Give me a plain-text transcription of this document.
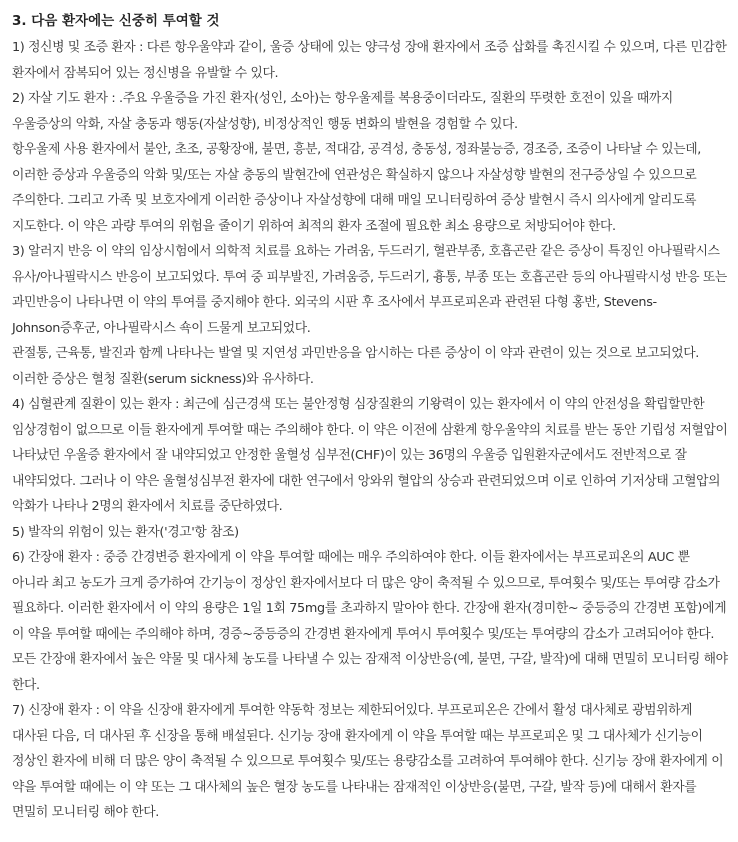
3. 다음 환자에는 신중히 투여할 것

1) 정신병 및 조증 환자 : 다른 항우울약과 같이, 울증 상태에 있는 양극성 장애 환자에서 조증 삽화를 촉진시킬 수 있으며, 다른 민감한 환자에서 잠복되어 있는 정신병을 유발할 수 있다.

2) 자살 기도 환자 : .주요 우울증을 가진 환자(성인, 소아)는 항우울제를 복용중이더라도, 질환의 뚜렷한 호전이 있을 때까지 우울증상의 악화, 자살 충동과 행동(자살성향), 비정상적인 행동 변화의 발현을 경험할 수 있다.

항우울제 사용 환자에서 불안, 초조, 공황장애, 불면, 흥분, 적대감, 공격성, 충동성, 정좌불능증, 경조증, 조증이 나타날 수 있는데, 이러한 증상과 우울증의 악화 및/또는 자살 충동의 발현간에 연관성은 확실하지 않으나 자살성향 발현의 전구증상일 수 있으므로 주의한다. 그리고 가족 및 보호자에게 이러한 증상이나 자살성향에 대해 매일 모니터링하여 증상 발현시 즉시 의사에게 알리도록 지도한다. 이 약은 과량 투여의 위험을 줄이기 위하여 최적의 환자 조절에 필요한 최소 용량으로 처방되어야 한다.

3) 알러지 반응 이 약의 임상시험에서 의학적 치료를 요하는 가려움, 두드러기, 혈관부종, 호흡곤란 같은 증상이 특징인 아나필락시스 유사/아나필락시스 반응이 보고되었다. 투여 중 피부발진, 가려움증, 두드러기, 흉통, 부종 또는 호흡곤란 등의 아나필락시성 반응 또는 과민반응이 나타나면 이 약의 투여를 중지해야 한다. 외국의 시판 후 조사에서 부프로피온과 관련된 다형 홍반, Stevens-Johnson증후군, 아나필락시스 쇽이 드물게 보고되었다.

관절통, 근육통, 발진과 함께 나타나는 발열 및 지연성 과민반응을 암시하는 다른 증상이 이 약과 관련이 있는 것으로 보고되었다. 이러한 증상은 혈청 질환(serum sickness)와 유사하다.

4) 심혈관계 질환이 있는 환자 : 최근에 심근경색 또는 불안정형 심장질환의 기왕력이 있는 환자에서 이 약의 안전성을 확립할만한 임상경험이 없으므로 이들 환자에게 투여할 때는 주의해야 한다. 이 약은 이전에 삼환계 항우울약의 치료를 받는 동안 기립성 저혈압이 나타났던 우울증 환자에서 잘 내약되었고 안정한 울혈성 심부전(CHF)이 있는 36명의 우울증 입원환자군에서도 전반적으로 잘 내약되었다. 그러나 이 약은 울혈성심부전 환자에 대한 연구에서 앙와위 혈압의 상승과 관련되었으며 이로 인하여 기저상태 고혈압의 악화가 나타나 2명의 환자에서 치료를 중단하였다.

5) 발작의 위험이 있는 환자('경고'항 참조)

6) 간장애 환자 : 중증 간경변증 환자에게 이 약을 투여할 때에는 매우 주의하여야 한다. 이들 환자에서는 부프로피온의 AUC 뿐 아니라 최고 농도가 크게 증가하여 간기능이 정상인 환자에서보다 더 많은 양이 축적될 수 있으므로, 투여횟수 및/또는 투여량 감소가 필요하다. 이러한 환자에서 이 약의 용량은 1일 1회 75mg를 초과하지 말아야 한다. 간장애 환자(경미한~ 중등증의 간경변 포함)에게 이 약을 투여할 때에는 주의해야 하며, 경증~중등증의 간경변 환자에게 투여시 투여횟수 및/또는 투여량의 감소가 고려되어야 한다. 모든 간장애 환자에서 높은 약물 및 대사체 농도를 나타낼 수 있는 잠재적 이상반응(예, 불면, 구갈, 발작)에 대해 면밀히 모니터링 해야 한다.

7) 신장애 환자 : 이 약을 신장애 환자에게 투여한 약동학 정보는 제한되어있다. 부프로피온은 간에서 활성 대사체로 광범위하게 대사된 다음, 더 대사된 후 신장을 통해 배설된다. 신기능 장애 환자에게 이 약을 투여할 때는 부프로피온 및 그 대사체가 신기능이 정상인 환자에 비해 더 많은 양이 축적될 수 있으므로 투여횟수 및/또는 용량감소를 고려하여 투여해야 한다. 신기능 장애 환자에게 이 약을 투여할 때에는 이 약 또는 그 대사체의 높은 혈장 농도를 나타내는 잠재적인 이상반응(불면, 구갈, 발작 등)에 대해서 환자를 면밀히 모니터링 해야 한다.
